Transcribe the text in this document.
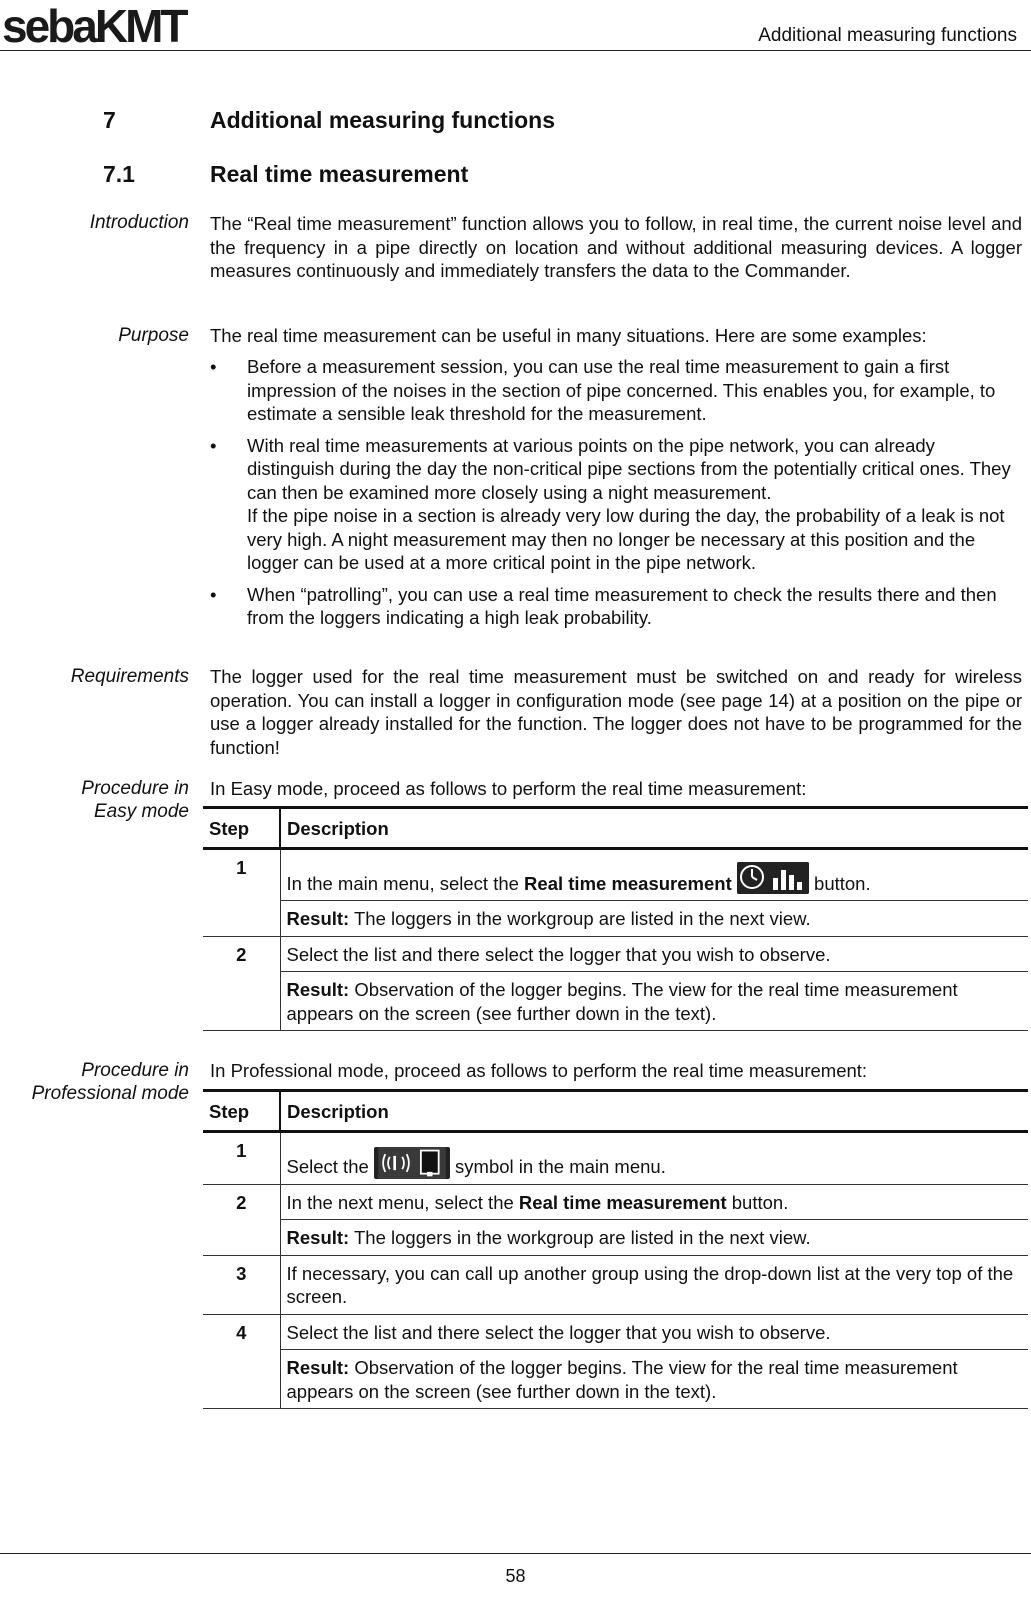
sebaKMT	Additional measuring functions
7	Additional measuring functions
7.1	Real time measurement
Introduction The “Real time measurement” function allows you to follow, in real time, the current noise level and the frequency in a pipe directly on location and without additional measuring devices. A logger measures continuously and immediately transfers the data to the Commander.
Purpose The real time measurement can be useful in many situations. Here are some examples:
• Before a measurement session, you can use the real time measurement to gain a first impression of the noises in the section of pipe concerned. This enables you, for example, to estimate a sensible leak threshold for the measurement.
• With real time measurements at various points on the pipe network, you can already distinguish during the day the non-critical pipe sections from the potentially critical ones. They can then be examined more closely using a night measurement.
If the pipe noise in a section is already very low during the day, the probability of a leak is not very high. A night measurement may then no longer be necessary at this position and the logger can be used at a more critical point in the pipe network.
• When “patrolling”, you can use a real time measurement to check the results there and then from the loggers indicating a high leak probability.
Requirements The logger used for the real time measurement must be switched on and ready for wireless operation. You can install a logger in configuration mode (see page 14) at a position on the pipe or use a logger already installed for the function. The logger does not have to be programmed for the function!
Procedure in
Easy mode
In Easy mode, proceed as follows to perform the real time measurement:
Step	Description
1	In the main menu, select the Real time measurement button.
	Result: The loggers in the workgroup are listed in the next view.
2	Select the list and there select the logger that you wish to observe.
	Result: Observation of the logger begins. The view for the real time measurement appears on the screen (see further down in the text).
Procedure in
Professional mode
In Professional mode, proceed as follows to perform the real time measurement:
Step	Description
1	Select the symbol in the main menu.
2	In the next menu, select the Real time measurement button.
	Result: The loggers in the workgroup are listed in the next view.
3	If necessary, you can call up another group using the drop-down list at the very top of the screen.
4	Select the list and there select the logger that you wish to observe.
	Result: Observation of the logger begins. The view for the real time measurement appears on the screen (see further down in the text).
58
